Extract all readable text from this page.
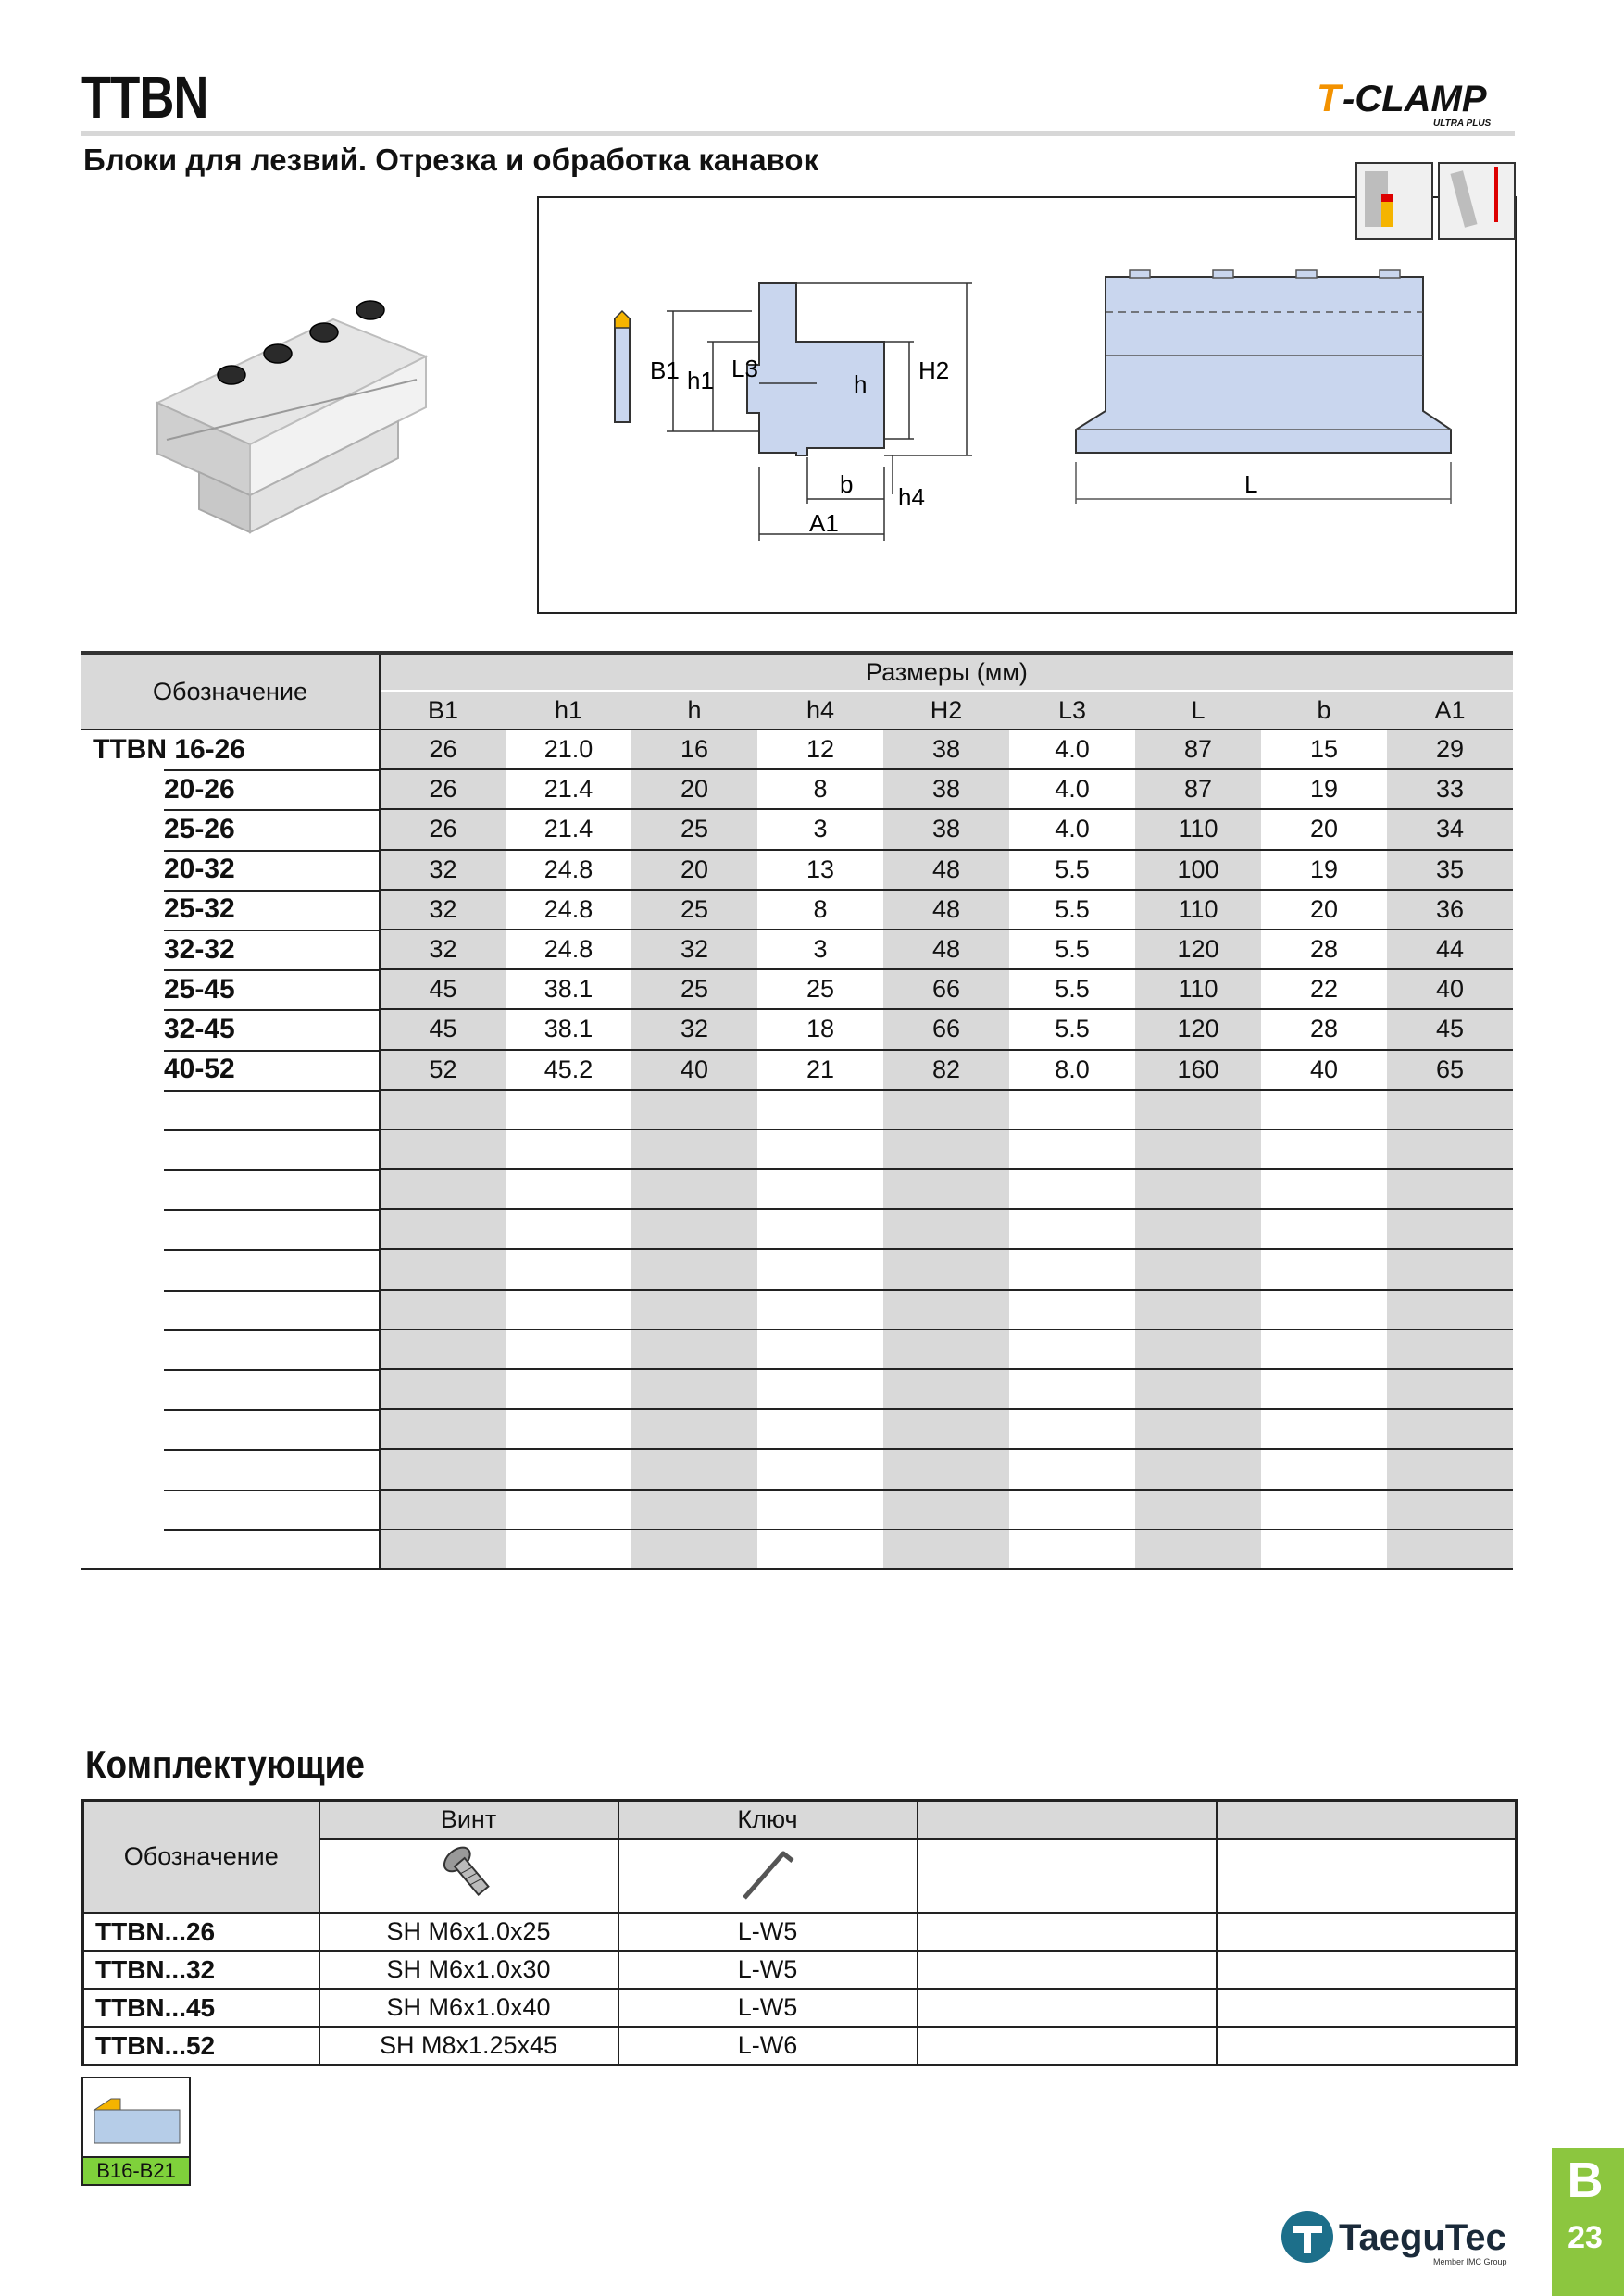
TTBN
Блоки для лезвий. Отрезка и обработка канавок
T -CLAMP
ULTRA PLUS
B1 h1 L3
h H2
b h4
A1
L
Обозначение	Размеры (мм)								
	B1	h1	h	h4	H2	L3	L	b	A1
TTBN 16-26	26	21.0	16	12	38	4.0	87	15	29
20-26	26	21.4	20	8	38	4.0	87	19	33
25-26	26	21.4	25	3	38	4.0	110	20	34
20-32	32	24.8	20	13	48	5.5	100	19	35
25-32	32	24.8	25	8	48	5.5	110	20	36
32-32	32	24.8	32	3	48	5.5	120	28	44
25-45	45	38.1	25	25	66	5.5	110	22	40
32-45	45	38.1	32	18	66	5.5	120	28	45
40-52	52	45.2	40	21	82	8.0	160	40	65

Комплектующие
Обозначение	Винт	Ключ		

TTBN...26	SH M6x1.0x25	L-W5		
TTBN...32	SH M6x1.0x30	L-W5		
TTBN...45	SH M6x1.0x40	L-W5		
TTBN...52	SH M8x1.25x45	L-W6		
B16-B21
TaeguTec
Member IMC Group
B
23
